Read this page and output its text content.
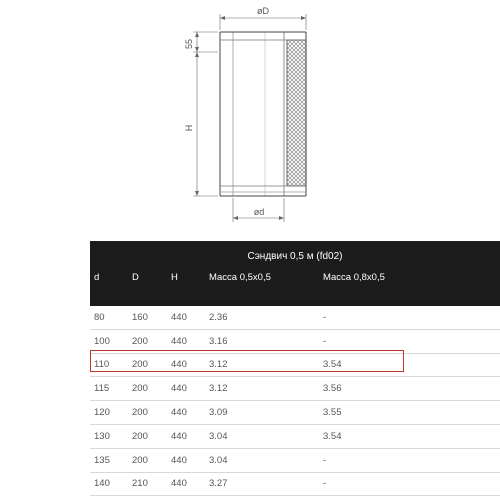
øD
ød
55
H
Сэндвич 0,5 м (fd02)				
d	D	H	Масса 0,5х0,5	Масса 0,8х0,5
80	160	440	2.36	-
100	200	440	3.16	-
110	200	440	3.12	3.54
115	200	440	3.12	3.56
120	200	440	3.09	3.55
130	200	440	3.04	3.54
135	200	440	3.04	-
140	210	440	3.27	-
